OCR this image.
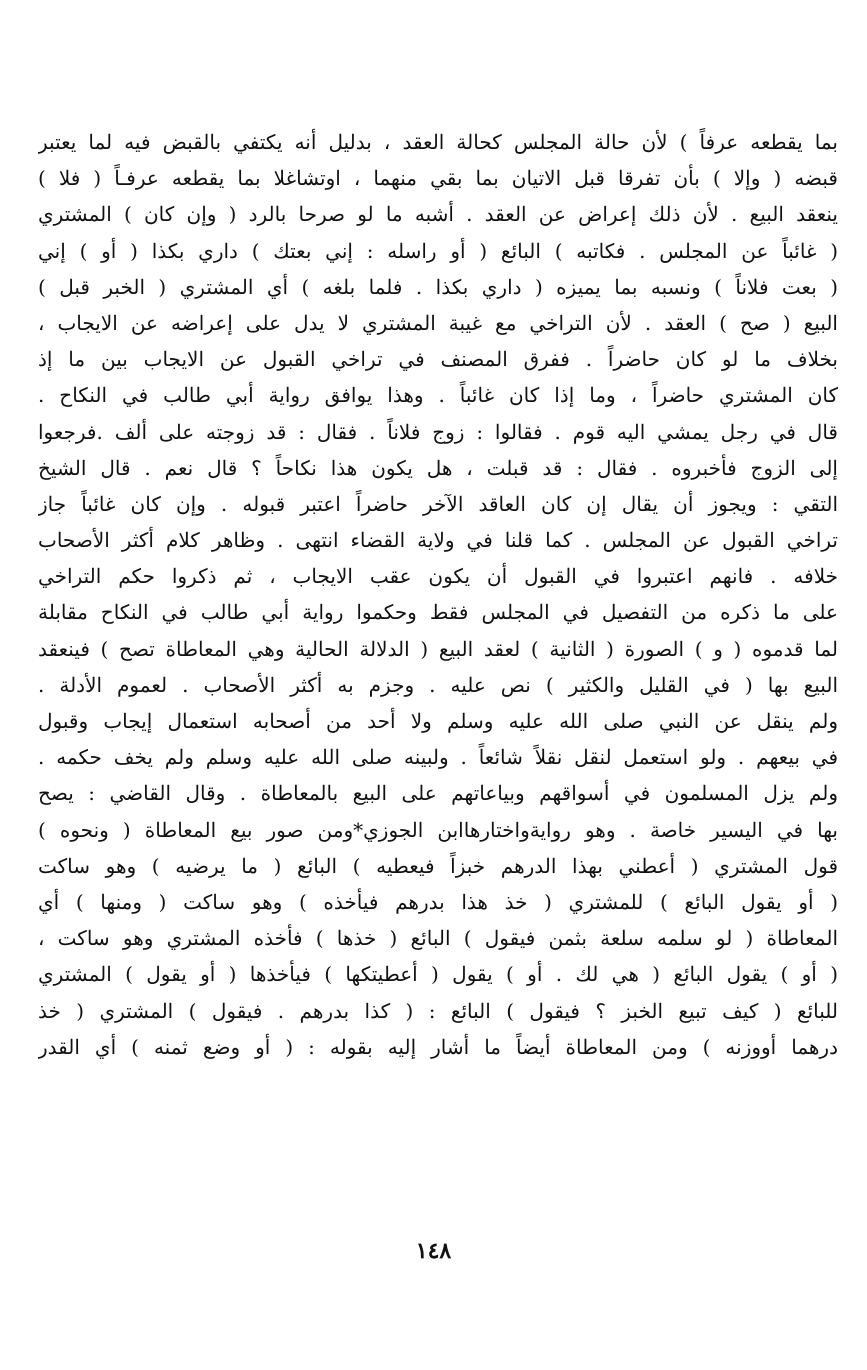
بما يقطعه عرفاً ) لأن حالة المجلس كحالة العقد ، بدليل أنه يكتفي بالقبض فيه لما يعتبر
قبضه ( وإلا ) بأن تفرقا قبل الاتيان بما بقي منهما ، اوتشاغلا بما يقطعه عرفـاً ( فلا )
ينعقد البيع . لأن ذلك إعراض عن العقد . أشبه ما لو صرحا بالرد ( وإن كان ) المشتري
( غائباً عن المجلس . فكاتبه ) البائع ( أو راسله : إني بعتك ) داري بكذا ( أو ) إني
( بعت فلاناً ) ونسبه بما يميزه ( داري بكذا . فلما بلغه ) أي المشتري ( الخبر قبل )
البيع ( صح ) العقد . لأن التراخي مع غيبة المشتري لا يدل على إعراضه عن الايجاب ،
بخلاف ما لو كان حاضراً . ففرق المصنف في تراخي القبول عن الايجاب بين ما إذ
كان المشتري حاضراً ، وما إذا كان غائباً . وهذا يوافق رواية أبي طالب في النكاح .
قال في رجل يمشي اليه قوم . فقالوا : زوج فلاناً . فقال : قد زوجته على ألف .فرجعوا
إلى الزوج فأخبروه . فقال : قد قبلت ، هل يكون هذا نكاحاً ؟ قال نعم . قال الشيخ
التقي : ويجوز أن يقال إن كان العاقد الآخر حاضراً اعتبر قبوله . وإن كان غائباً جاز
تراخي القبول عن المجلس . كما قلنا في ولاية القضاء انتهى . وظاهر كلام أكثر الأصحاب
خلافه . فانهم اعتبروا في القبول أن يكون عقب الايجاب ، ثم ذكروا حكم التراخي
على ما ذكره من التفصيل في المجلس فقط وحكموا رواية أبي طالب في النكاح مقابلة
لما قدموه ( و ) الصورة ( الثانية ) لعقد البيع ( الدلالة الحالية وهي المعاطاة تصح ) فينعقد
البيع بها ( في القليل والكثير ) نص عليه . وجزم به أكثر الأصحاب . لعموم الأدلة .
ولم ينقل عن النبي صلى الله عليه وسلم ولا أحد من أصحابه استعمال إيجاب وقبول
في بيعهم . ولو استعمل لنقل نقلاً شائعاً . ولبينه صلى الله عليه وسلم ولم يخف حكمه .
ولم يزل المسلمون في أسواقهم وبياعاتهم على البيع بالمعاطاة . وقال القاضي : يصح
بها في اليسير خاصة . وهو روايةواختارهاابن الجوزي*ومن صور بيع المعاطاة ( ونحوه )
قول المشتري ( أعطني بهذا الدرهم خبزاً فيعطيه ) البائع ( ما يرضيه ) وهو ساكت
( أو يقول البائع ) للمشتري ( خذ هذا بدرهم فيأخذه ) وهو ساكت ( ومنها ) أي
المعاطاة ( لو سلمه سلعة بثمن فيقول ) البائع ( خذها ) فأخذه المشتري وهو ساكت ،
( أو ) يقول البائع ( هي لك . أو ) يقول ( أعطيتكها ) فيأخذها ( أو يقول ) المشتري
للبائع ( كيف تبيع الخبز ؟ فيقول ) البائع : ( كذا بدرهم . فيقول ) المشتري ( خذ
درهما أووزنه ) ومن المعاطاة أيضاً ما أشار إليه بقوله : ( أو وضع ثمنه ) أي القدر
١٤٨
